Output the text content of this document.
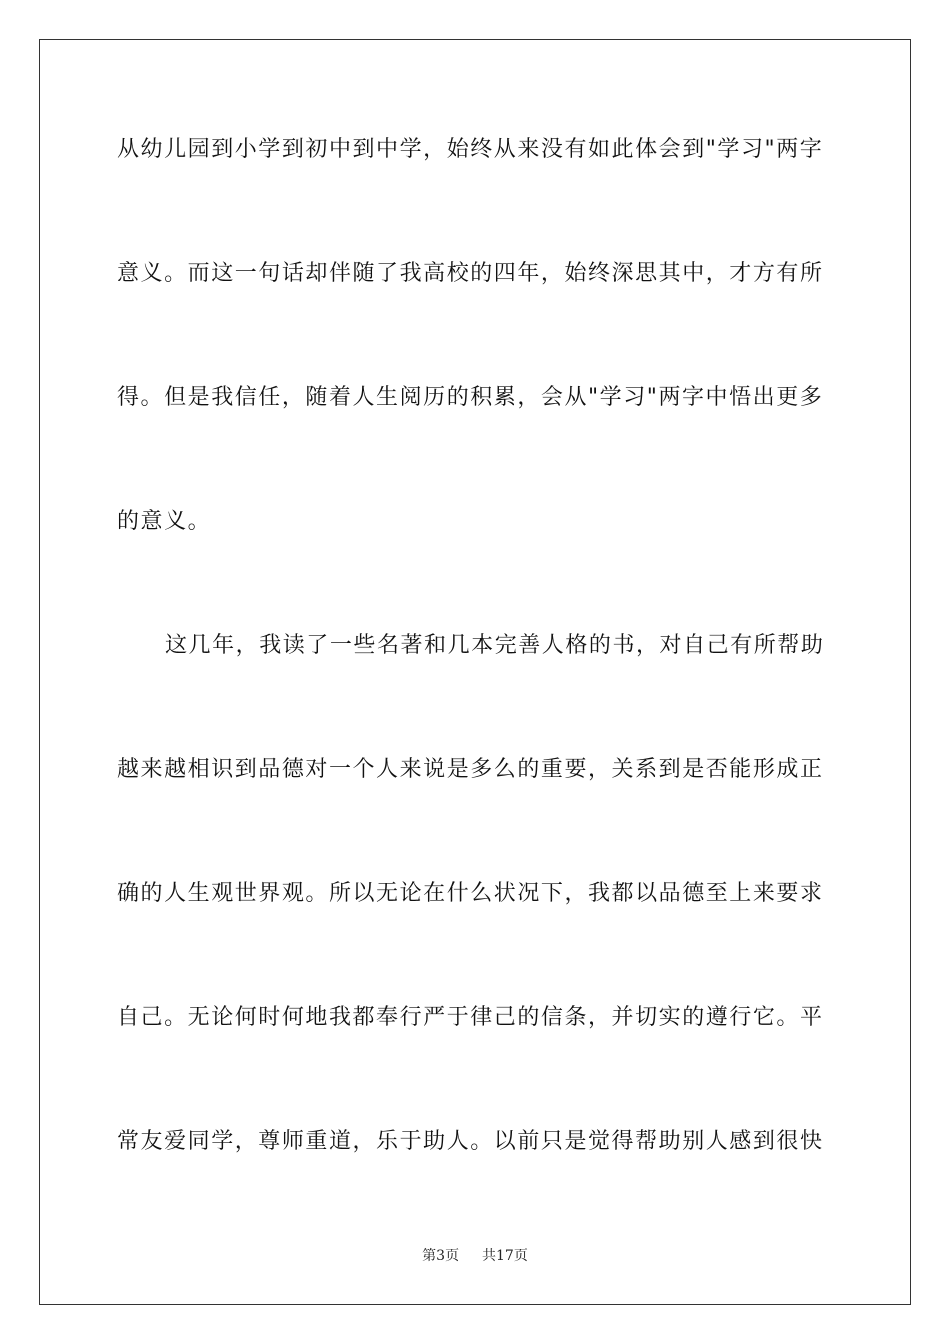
从幼儿园到小学到初中到中学，始终从来没有如此体会到"学习"两字
意义。而这一句话却伴随了我高校的四年，始终深思其中，才方有所
得。但是我信任，随着人生阅历的积累，会从"学习"两字中悟出更多
的意义。
这几年，我读了一些名著和几本完善人格的书，对自己有所帮助
越来越相识到品德对一个人来说是多么的重要，关系到是否能形成正
确的人生观世界观。所以无论在什么状况下，我都以品德至上来要求
自己。无论何时何地我都奉行严于律己的信条，并切实的遵行它。平
常友爱同学，尊师重道，乐于助人。以前只是觉得帮助别人感到很快
第3页 共17页
